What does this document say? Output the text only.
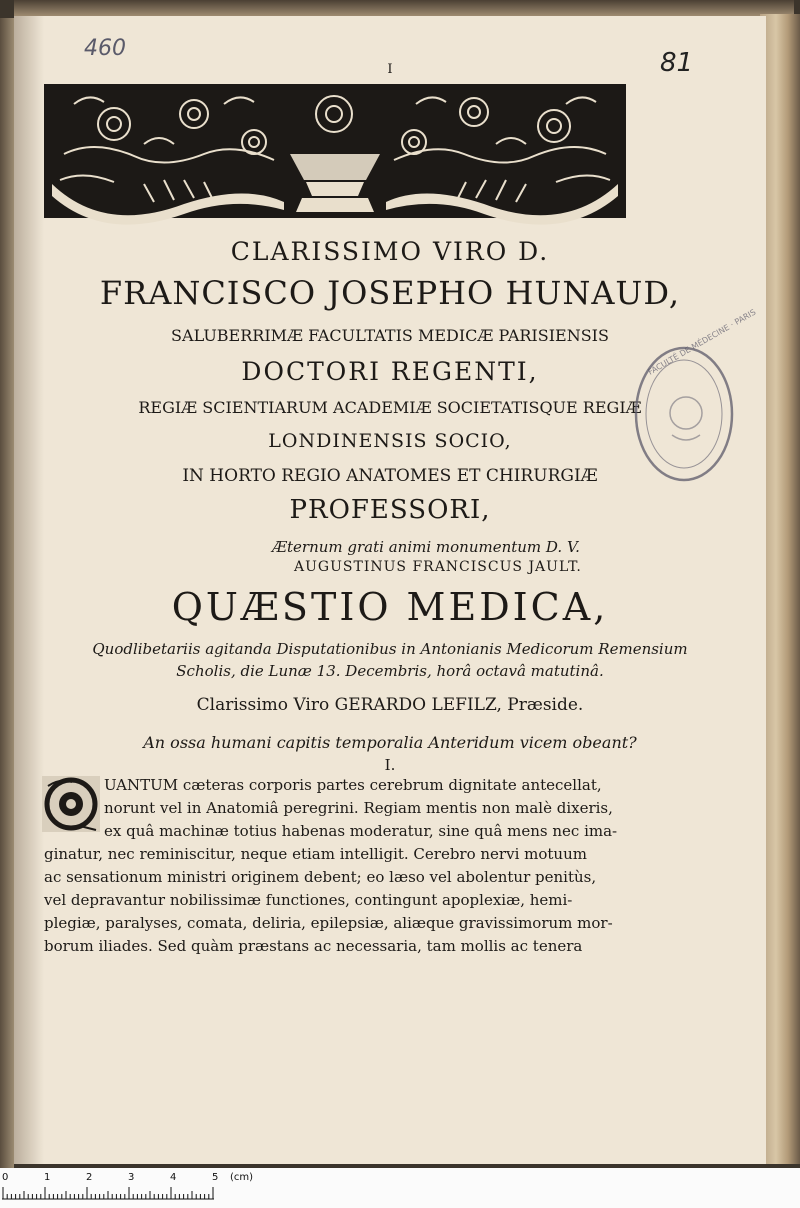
460	81
I
CLARISSIMO VIRO D.
FRANCISCO JOSEPHO HUNAUD,
SALUBERRIMÆ FACULTATIS MEDICÆ PARISIENSIS
DOCTORI REGENTI,
REGIÆ SCIENTIARUM ACADEMIÆ SOCIETATISQUE REGIÆ
LONDINENSIS SOCIO,
IN HORTO REGIO ANATOMES ET CHIRURGIÆ
PROFESSORI,
Æternum grati animi monumentum D. V.
AUGUSTINUS FRANCISCUS JAULT.
FACULTÉ DE MÉDECINE · PARIS
QUÆSTIO MEDICA,
Quodlibetariis agitanda Disputationibus in Antonianis Medicorum Remensium
Scholis, die Lunæ 13. Decembris, horâ octavâ matutinâ.
Clarissimo Viro GERARDO LEFILZ, Præside.
An ossa humani capitis temporalia Anteridum vicem obeant?
I.
UANTUM cæteras corporis partes cerebrum dignitate antecellat,
norunt vel in Anatomiâ peregrini. Regiam mentis non malè dixeris,
ex quâ machinæ totius habenas moderatur, sine quâ mens nec ima-
ginatur, nec reminiscitur, neque etiam intelligit. Cerebro nervi motuum
ac sensationum ministri originem debent; eo læso vel abolentur penitùs,
vel depravantur nobilissimæ functiones, contingunt apoplexiæ, hemi-
plegiæ, paralyses, comata, deliria, epilepsiæ, aliæque gravissimorum mor-
borum iliades. Sed quàm præstans ac necessaria, tam mollis ac tenera
0	1	2	3	4	5 (cm)
